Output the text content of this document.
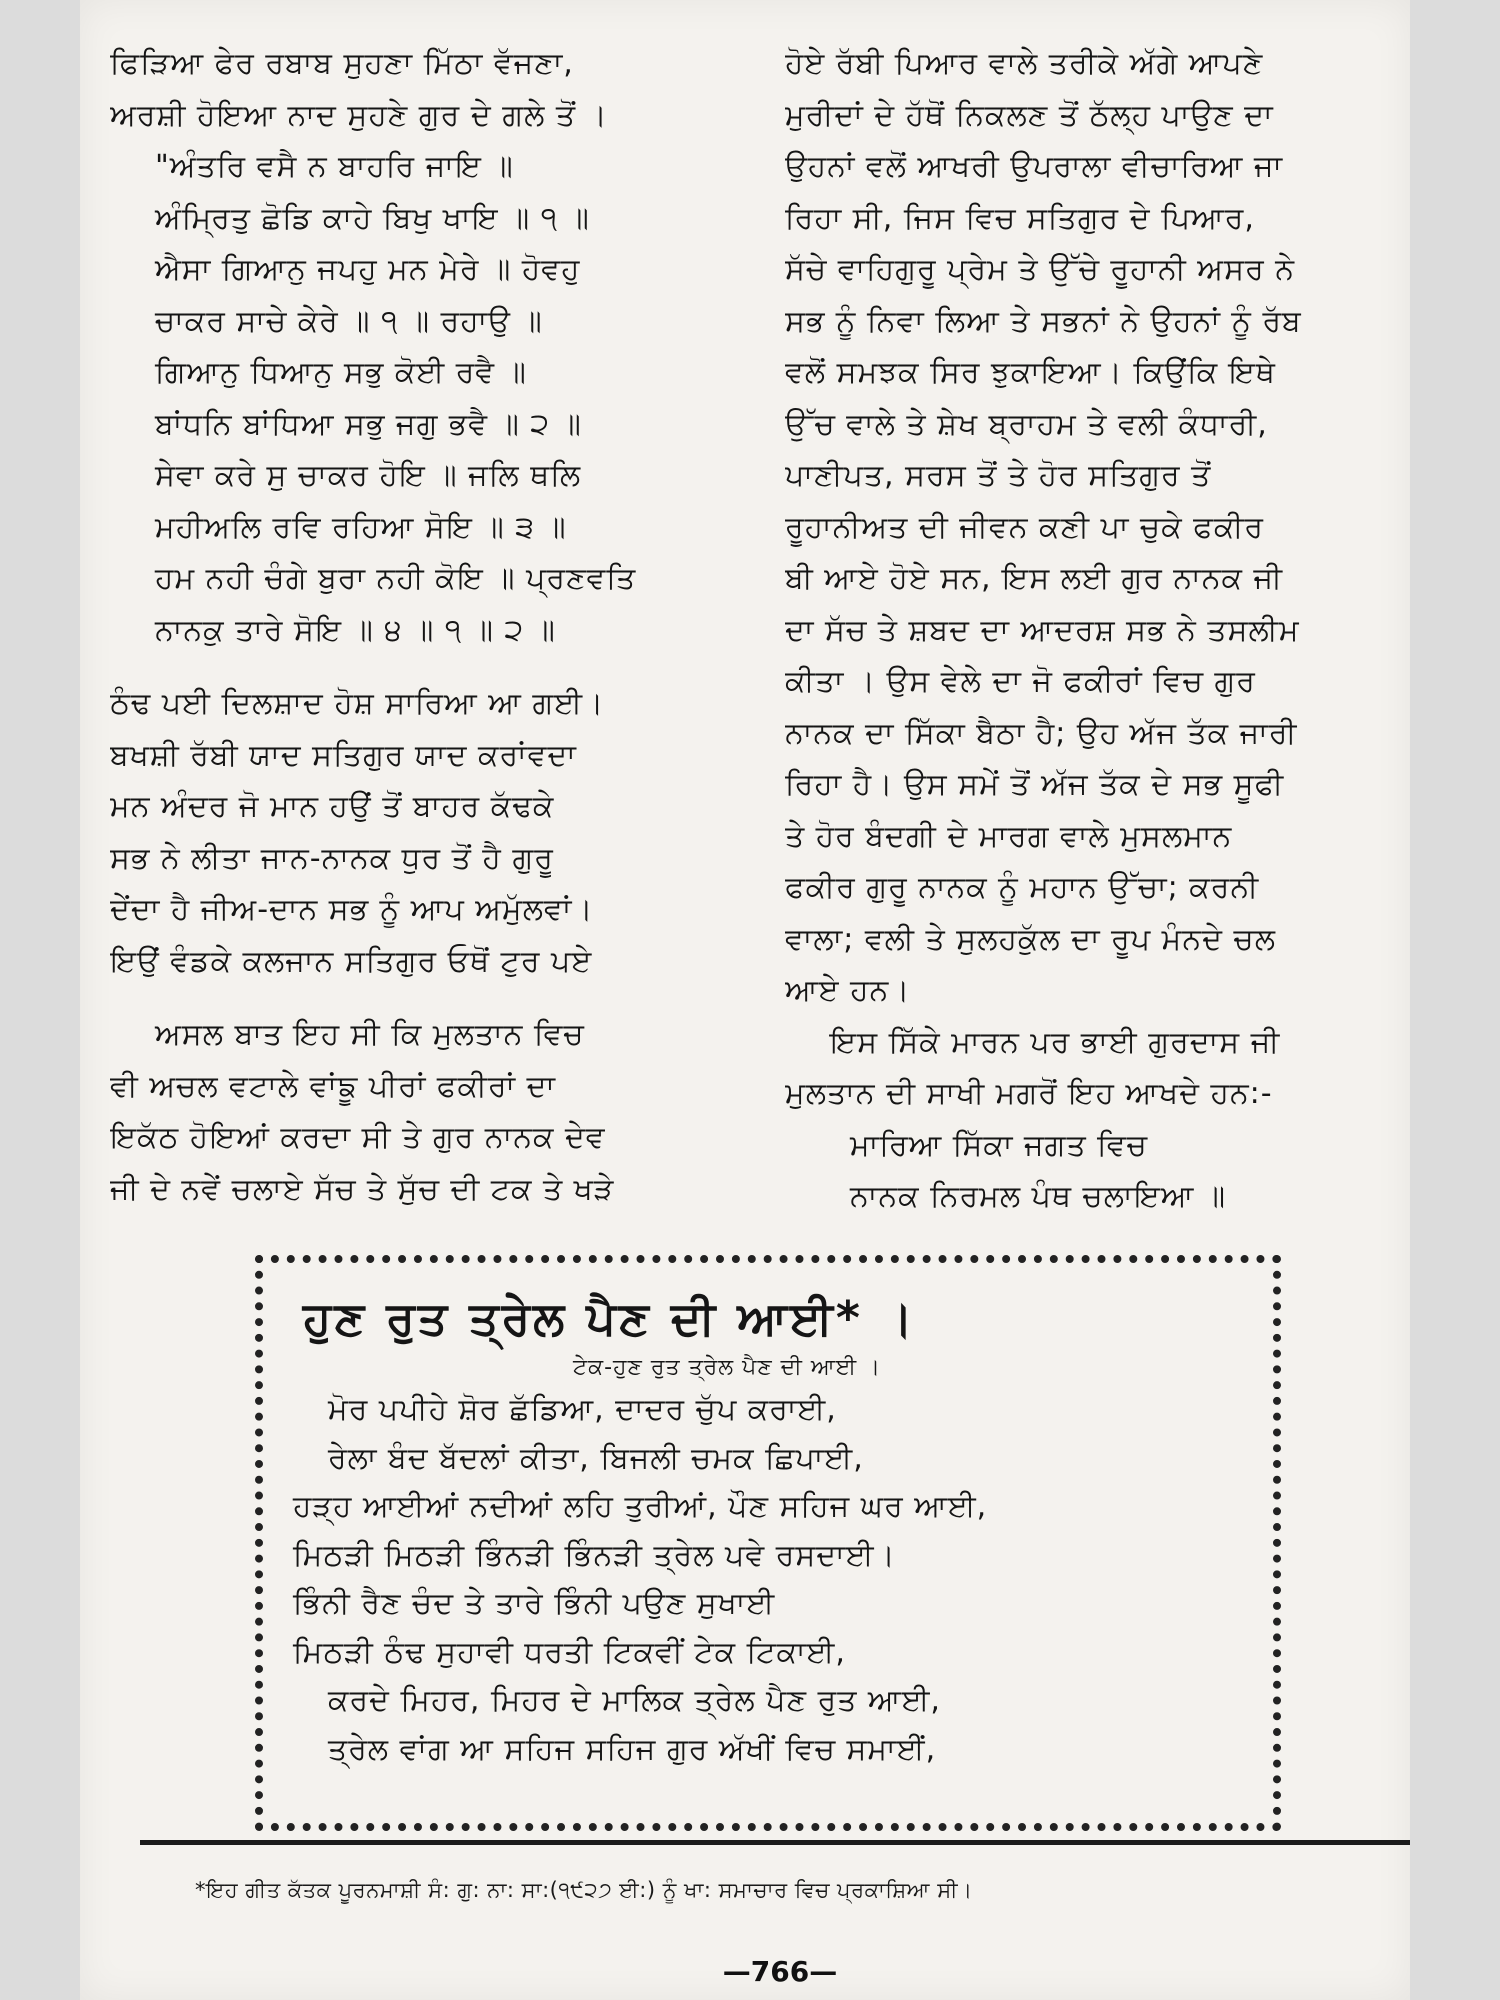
ਫਿੜਿਆ ਫੇਰ ਰਬਾਬ ਸੁਹਣਾ ਮਿੱਠਾ ਵੱਜਣਾ,
ਅਰਸ਼ੀ ਹੋਇਆ ਨਾਦ ਸੁਹਣੇ ਗੁਰ ਦੇ ਗਲੇ ਤੋਂ ।
"ਅੰਤਰਿ ਵਸੈ ਨ ਬਾਹਰਿ ਜਾਇ ॥
ਅੰਮ੍ਰਿਤੁ ਛੋਡਿ ਕਾਹੇ ਬਿਖੁ ਖਾਇ ॥ ੧ ॥
ਐਸਾ ਗਿਆਨੁ ਜਪਹੁ ਮਨ ਮੇਰੇ ॥ ਹੋਵਹੁ
ਚਾਕਰ ਸਾਚੇ ਕੇਰੇ ॥ ੧ ॥ ਰਹਾਉ ॥
ਗਿਆਨੁ ਧਿਆਨੁ ਸਭੁ ਕੋਈ ਰਵੈ ॥
ਬਾਂਧਨਿ ਬਾਂਧਿਆ ਸਭੁ ਜਗੁ ਭਵੈ ॥ ੨ ॥
ਸੇਵਾ ਕਰੇ ਸੁ ਚਾਕਰ ਹੋਇ ॥ ਜਲਿ ਥਲਿ
ਮਹੀਅਲਿ ਰਵਿ ਰਹਿਆ ਸੋਇ ॥ ੩ ॥
ਹਮ ਨਹੀ ਚੰਗੇ ਬੁਰਾ ਨਹੀ ਕੋਇ ॥ ਪ੍ਰਣਵਤਿ
ਨਾਨਕੁ ਤਾਰੇ ਸੋਇ ॥ ੪ ॥ ੧ ॥ ੨ ॥
ਠੰਢ ਪਈ ਦਿਲਸ਼ਾਦ ਹੋਸ਼ ਸਾਰਿਆ ਆ ਗਈ।
ਬਖਸ਼ੀ ਰੱਬੀ ਯਾਦ ਸਤਿਗੁਰ ਯਾਦ ਕਰਾਂਵਦਾ
ਮਨ ਅੰਦਰ ਜੋ ਮਾਨ ਹਉਂ ਤੋਂ ਬਾਹਰ ਕੱਢਕੇ
ਸਭ ਨੇ ਲੀਤਾ ਜਾਨ-ਨਾਨਕ ਧੁਰ ਤੋਂ ਹੈ ਗੁਰੂ
ਦੇਂਦਾ ਹੈ ਜੀਅ-ਦਾਨ ਸਭ ਨੂੰ ਆਪ ਅਮੁੱਲਵਾਂ।
ਇਉਂ ਵੰਡਕੇ ਕਲਜਾਨ ਸਤਿਗੁਰ ਓਥੋਂ ਟੁਰ ਪਏ
ਅਸਲ ਬਾਤ ਇਹ ਸੀ ਕਿ ਮੁਲਤਾਨ ਵਿਚ
ਵੀ ਅਚਲ ਵਟਾਲੇ ਵਾਂਙੂ ਪੀਰਾਂ ਫਕੀਰਾਂ ਦਾ
ਇਕੱਠ ਹੋਇਆਂ ਕਰਦਾ ਸੀ ਤੇ ਗੁਰ ਨਾਨਕ ਦੇਵ
ਜੀ ਦੇ ਨਵੇਂ ਚਲਾਏ ਸੱਚ ਤੇ ਸੁੱਚ ਦੀ ਟਕ ਤੇ ਖੜੇ
ਹੋਏ ਰੱਬੀ ਪਿਆਰ ਵਾਲੇ ਤਰੀਕੇ ਅੱਗੇ ਆਪਣੇ
ਮੁਰੀਦਾਂ ਦੇ ਹੱਥੋਂ ਨਿਕਲਣ ਤੋਂ ਠੱਲ੍ਹ ਪਾਉਣ ਦਾ
ਉਹਨਾਂ ਵਲੋਂ ਆਖਰੀ ਉਪਰਾਲਾ ਵੀਚਾਰਿਆ ਜਾ
ਰਿਹਾ ਸੀ, ਜਿਸ ਵਿਚ ਸਤਿਗੁਰ ਦੇ ਪਿਆਰ,
ਸੱਚੇ ਵਾਹਿਗੁਰੂ ਪ੍ਰੇਮ ਤੇ ਉੱਚੇ ਰੂਹਾਨੀ ਅਸਰ ਨੇ
ਸਭ ਨੂੰ ਨਿਵਾ ਲਿਆ ਤੇ ਸਭਨਾਂ ਨੇ ਉਹਨਾਂ ਨੂੰ ਰੱਬ
ਵਲੋਂ ਸਮਝਕ ਸਿਰ ਝੁਕਾਇਆ। ਕਿਉਂਕਿ ਇਥੇ
ਉੱਚ ਵਾਲੇ ਤੇ ਸ਼ੇਖ ਬ੍ਰਾਹਮ ਤੇ ਵਲੀ ਕੰਧਾਰੀ,
ਪਾਣੀਪਤ, ਸਰਸ ਤੋਂ ਤੇ ਹੋਰ ਸਤਿਗੁਰ ਤੋਂ
ਰੂਹਾਨੀਅਤ ਦੀ ਜੀਵਨ ਕਣੀ ਪਾ ਚੁਕੇ ਫਕੀਰ
ਬੀ ਆਏ ਹੋਏ ਸਨ, ਇਸ ਲਈ ਗੁਰ ਨਾਨਕ ਜੀ
ਦਾ ਸੱਚ ਤੇ ਸ਼ਬਦ ਦਾ ਆਦਰਸ਼ ਸਭ ਨੇ ਤਸਲੀਮ
ਕੀਤਾ । ਉਸ ਵੇਲੇ ਦਾ ਜੋ ਫਕੀਰਾਂ ਵਿਚ ਗੁਰ
ਨਾਨਕ ਦਾ ਸਿੱਕਾ ਬੈਠਾ ਹੈ; ਉਹ ਅੱਜ ਤੱਕ ਜਾਰੀ
ਰਿਹਾ ਹੈ। ਉਸ ਸਮੇਂ ਤੋਂ ਅੱਜ ਤੱਕ ਦੇ ਸਭ ਸੂਫੀ
ਤੇ ਹੋਰ ਬੰਦਗੀ ਦੇ ਮਾਰਗ ਵਾਲੇ ਮੁਸਲਮਾਨ
ਫਕੀਰ ਗੁਰੂ ਨਾਨਕ ਨੂੰ ਮਹਾਨ ਉੱਚਾ; ਕਰਨੀ
ਵਾਲਾ; ਵਲੀ ਤੇ ਸੁਲਹਕੁੱਲ ਦਾ ਰੂਪ ਮੰਨਦੇ ਚਲ
ਆਏ ਹਨ।
ਇਸ ਸਿੱਕੇ ਮਾਰਨ ਪਰ ਭਾਈ ਗੁਰਦਾਸ ਜੀ
ਮੁਲਤਾਨ ਦੀ ਸਾਖੀ ਮਗਰੋਂ ਇਹ ਆਖਦੇ ਹਨ:-
ਮਾਰਿਆ ਸਿੱਕਾ ਜਗਤ ਵਿਚ
ਨਾਨਕ ਨਿਰਮਲ ਪੰਥ ਚਲਾਇਆ ॥
ਹੁਣ ਰੁਤ ਤ੍ਰੇਲ ਪੈਣ ਦੀ ਆਈ* ।
ਟੇਕ-ਹੁਣ ਰੁਤ ਤ੍ਰੇਲ ਪੈਣ ਦੀ ਆਈ ।
ਮੋਰ ਪਪੀਹੇ ਸ਼ੋਰ ਛੱਡਿਆ, ਦਾਦਰ ਚੁੱਪ ਕਰਾਈ,
ਰੇਲਾ ਬੰਦ ਬੱਦਲਾਂ ਕੀਤਾ, ਬਿਜਲੀ ਚਮਕ ਛਿਪਾਈ,
ਹੜ੍ਹ ਆਈਆਂ ਨਦੀਆਂ ਲਹਿ ਤੁਰੀਆਂ, ਪੌਣ ਸਹਿਜ ਘਰ ਆਈ,
ਮਿਠੜੀ ਮਿਠੜੀ ਭਿੰਨੜੀ ਭਿੰਨੜੀ ਤ੍ਰੇਲ ਪਵੇ ਰਸਦਾਈ।
ਭਿੰਨੀ ਰੈਣ ਚੰਦ ਤੇ ਤਾਰੇ ਭਿੰਨੀ ਪਉਣ ਸੁਖਾਈ
ਮਿਠੜੀ ਠੰਢ ਸੁਹਾਵੀ ਧਰਤੀ ਟਿਕਵੀਂ ਟੇਕ ਟਿਕਾਈ,
ਕਰਦੇ ਮਿਹਰ, ਮਿਹਰ ਦੇ ਮਾਲਿਕ ਤ੍ਰੇਲ ਪੈਣ ਰੁਤ ਆਈ,
ਤ੍ਰੇਲ ਵਾਂਗ ਆ ਸਹਿਜ ਸਹਿਜ ਗੁਰ ਅੱਖੀਂ ਵਿਚ ਸਮਾਈਂ,
*ਇਹ ਗੀਤ ਕੱਤਕ ਪੂਰਨਮਾਸ਼ੀ ਸੰ: ਗੁ: ਨਾ: ਸਾ:(੧੯੨੭ ਈ:) ਨੂੰ ਖਾ: ਸਮਾਚਾਰ ਵਿਚ ਪ੍ਰਕਾਸ਼ਿਆ ਸੀ।
—766—
